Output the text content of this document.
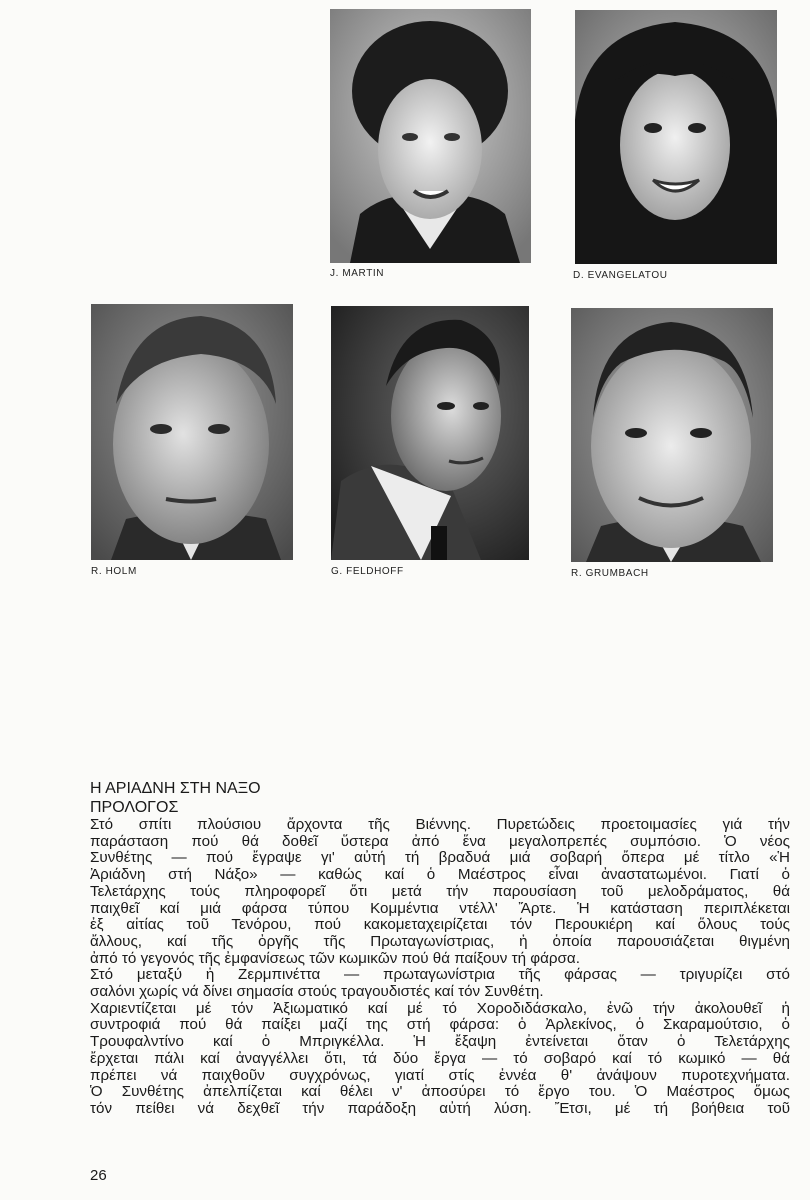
J. MARTIN	D. EVANGELATOU
R. HOLM	G. FELDHOFF	R. GRUMBACH
Η ΑΡΙΑΔΝΗ ΣΤΗ ΝΑΞΟ
ΠΡΟΛΟΓΟΣ

Στό σπίτι πλούσιου ἄρχοντα τῆς Βιέννης. Πυρετώδεις προετοιμασίες γιά τήν
παράσταση πού θά δοθεῖ ὕστερα ἀπό ἕνα μεγαλοπρεπές συμπόσιο. Ὁ νέος
Συνθέτης — πού ἔγραψε γι' αὐτή τή βραδυά μιά σοβαρή ὄπερα μέ τίτλο «Ἡ
Ἀριάδνη στή Νάξο» — καθώς καί ὁ Μαέστρος εἶναι ἀναστατωμένοι. Γιατί ὁ
Τελετάρχης τούς πληροφορεῖ ὅτι μετά τήν παρουσίαση τοῦ μελοδράματος, θά
παιχθεῖ καί μιά φάρσα τύπου Κομμέντια ντέλλ' Ἄρτε. Ἡ κατάσταση περιπλέκεται
ἐξ αἰτίας τοῦ Τενόρου, πού κακομεταχειρίζεται τόν Περουκιέρη καί ὅλους τούς
ἄλλους, καί τῆς ὀργῆς τῆς Πρωταγωνίστριας, ἡ ὁποία παρουσιάζεται θιγμένη
ἀπό τό γεγονός τῆς ἐμφανίσεως τῶν κωμικῶν πού θά παίξουν τή φάρσα.
Στό μεταξύ ἡ Ζερμπινέττα — πρωταγωνίστρια τῆς φάρσας — τριγυρίζει στό
σαλόνι χωρίς νά δίνει σημασία στούς τραγουδιστές καί τόν Συνθέτη.
Χαριεντίζεται μέ τόν Ἀξιωματικό καί μέ τό Χοροδιδάσκαλο, ἐνῶ τήν ἀκολουθεῖ ἡ
συντροφιά πού θά παίξει μαζί της στή φάρσα: ὁ Ἀρλεκίνος, ὁ Σκαραμούτσιο, ὁ
Τρουφαλντίνο καί ὁ Μπριγκέλλα. Ἡ ἔξαψη ἐντείνεται ὅταν ὁ Τελετάρχης
ἔρχεται πάλι καί ἀναγγέλλει ὅτι, τά δύο ἔργα — τό σοβαρό καί τό κωμικό — θά
πρέπει νά παιχθοῦν συγχρόνως, γιατί στίς ἐννέα θ' ἀνάψουν πυροτεχνήματα.
Ὁ Συνθέτης ἀπελπίζεται καί θέλει ν' ἀποσύρει τό ἔργο του. Ὁ Μαέστρος ὅμως
τόν πείθει νά δεχθεῖ τήν παράδοξη αὐτή λύση. Ἔτσι, μέ τή βοήθεια τοῦ

26
